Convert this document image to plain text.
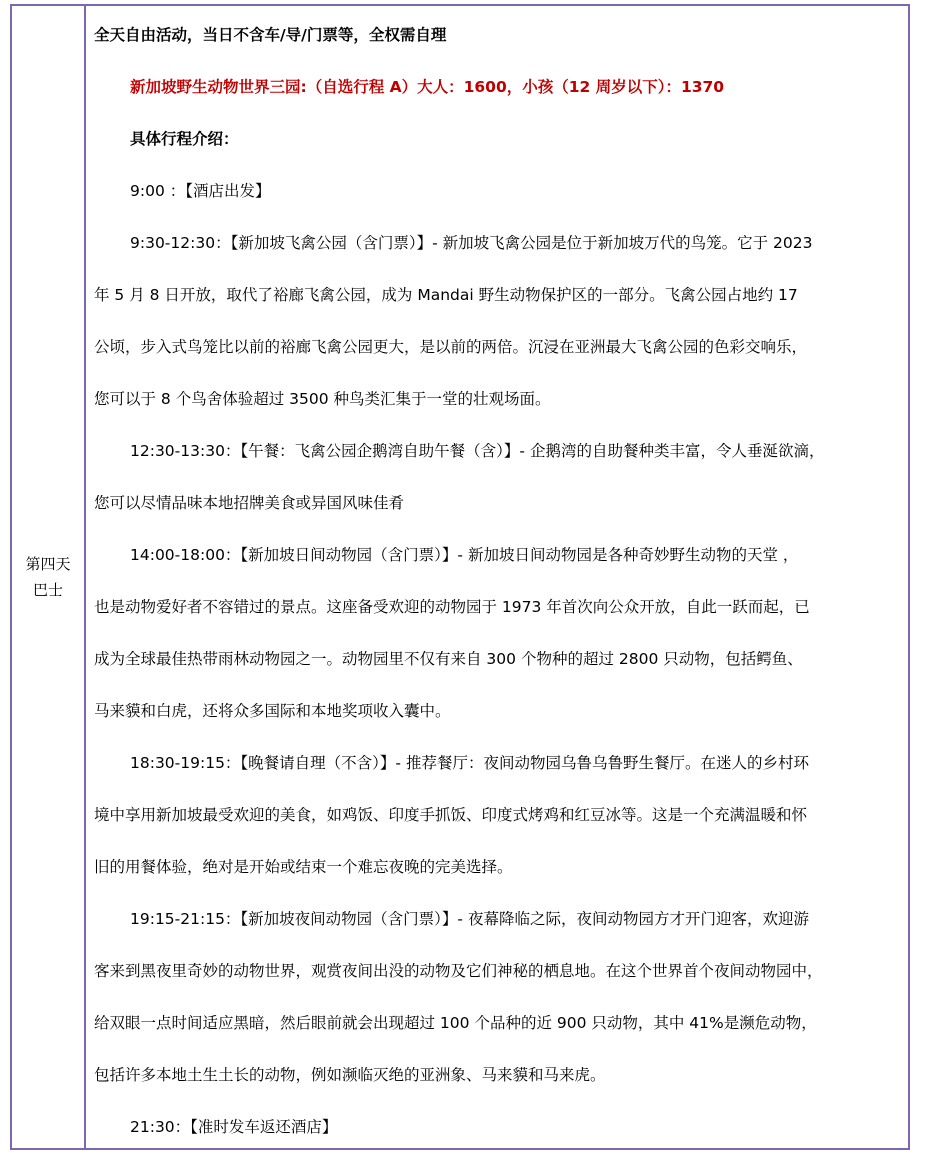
第四天
巴士
全天自由活动，当日不含车/导/门票等，全权需自理
新加坡野生动物世界三园:（自选行程 A）大人：1600，小孩（12 周岁以下）：1370
具体行程介绍：
9:00 ：【酒店出发】
9:30-12:30：【新加坡飞禽公园（含门票）】- 新加坡飞禽公园是位于新加坡万代的鸟笼。它于 2023
年 5 月 8 日开放，取代了裕廊飞禽公园，成为 Mandai 野生动物保护区的一部分。飞禽公园占地约 17
公顷，步入式鸟笼比以前的裕廊飞禽公园更大，是以前的两倍。沉浸在亚洲最大飞禽公园的色彩交响乐，
您可以于 8 个鸟舍体验超过 3500 种鸟类汇集于一堂的壮观场面。
12:30-13:30：【午餐：飞禽公园企鹅湾自助午餐（含）】- 企鹅湾的自助餐种类丰富，令人垂涎欲滴，
您可以尽情品味本地招牌美食或异国风味佳肴
14:00-18:00：【新加坡日间动物园（含门票）】- 新加坡日间动物园是各种奇妙野生动物的天堂 ，
也是动物爱好者不容错过的景点。这座备受欢迎的动物园于 1973 年首次向公众开放，自此一跃而起，已
成为全球最佳热带雨林动物园之一。动物园里不仅有来自 300 个物种的超过 2800 只动物，包括鳄鱼、
马来貘和白虎，还将众多国际和本地奖项收入囊中。
18:30-19:15：【晚餐请自理（不含）】- 推荐餐厅：夜间动物园乌鲁乌鲁野生餐厅。在迷人的乡村环
境中享用新加坡最受欢迎的美食，如鸡饭、印度手抓饭、印度式烤鸡和红豆冰等。这是一个充满温暖和怀
旧的用餐体验，绝对是开始或结束一个难忘夜晚的完美选择。
19:15-21:15：【新加坡夜间动物园（含门票）】- 夜幕降临之际，夜间动物园方才开门迎客，欢迎游
客来到黑夜里奇妙的动物世界，观赏夜间出没的动物及它们神秘的栖息地。在这个世界首个夜间动物园中，
给双眼一点时间适应黑暗，然后眼前就会出现超过 100 个品种的近 900 只动物，其中 41%是濒危动物，
包括许多本地土生土长的动物，例如濒临灭绝的亚洲象、马来貘和马来虎。
21:30：【准时发车返还酒店】
